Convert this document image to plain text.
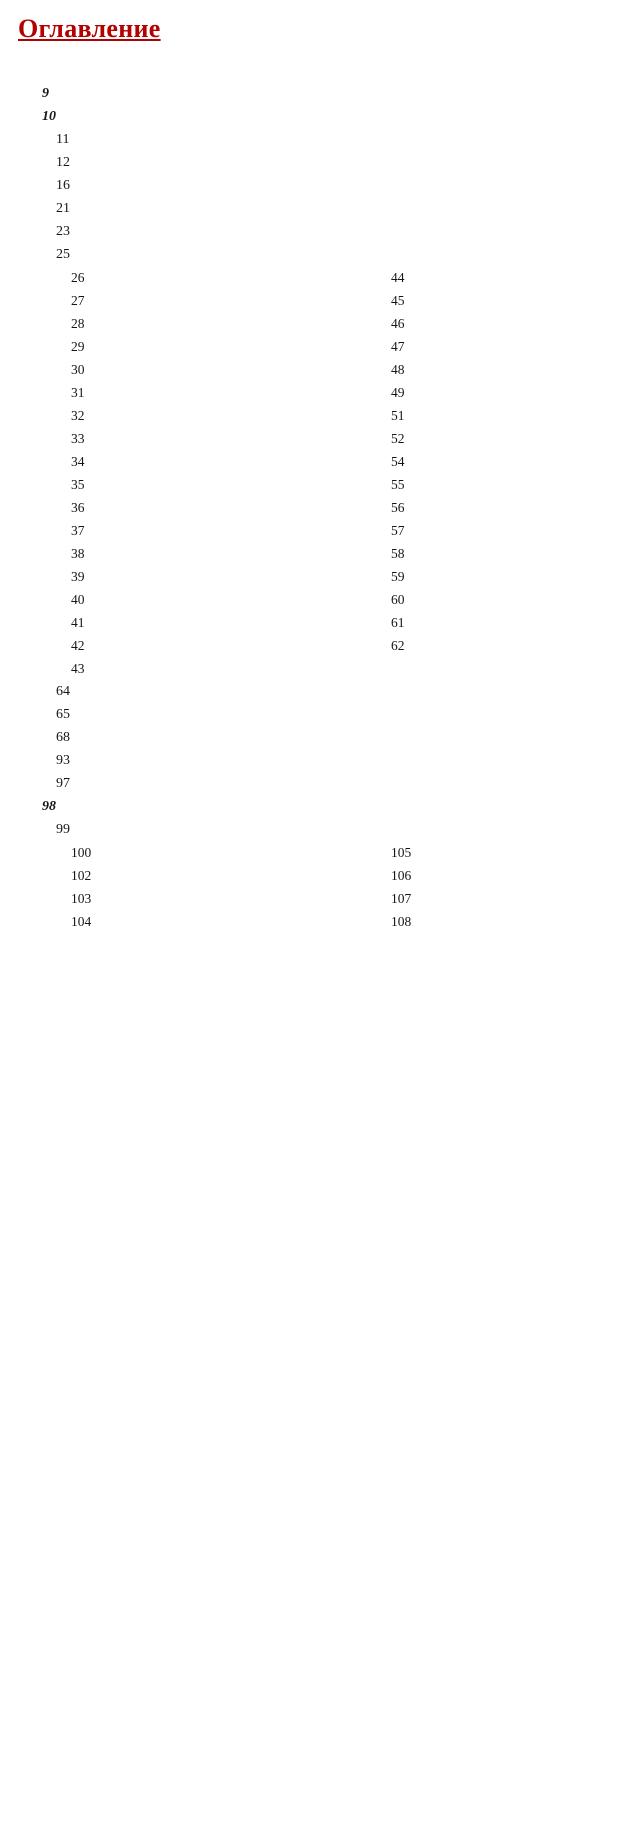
Оглавление
9
10
11
12
16
21
23
25
26
27
28
29
30
31
32
33
34
35
36
37
38
39
40
41
42
43
44
45
46
47
48
49
51
52
54
55
56
57
58
59
60
61
62
64
65
68
93
97
98
99
100
102
103
104
105
106
107
108
